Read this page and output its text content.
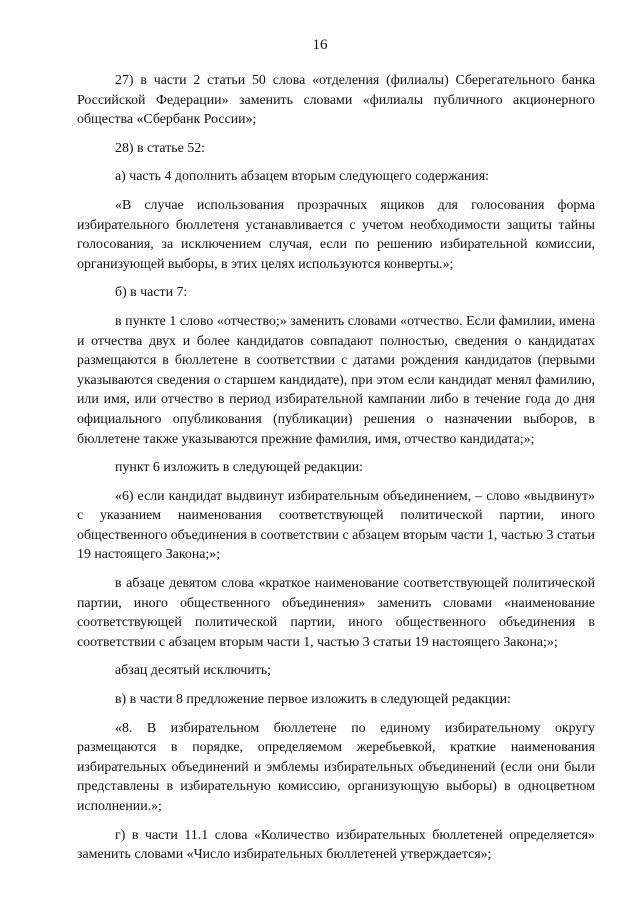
16

27) в части 2 статьи 50 слова «отделения (филиалы) Сберегательного банка Российской Федерации» заменить словами «филиалы публичного акционерного общества «Сбербанк России»;

28) в статье 52:

а) часть 4 дополнить абзацем вторым следующего содержания:

«В случае использования прозрачных ящиков для голосования форма избирательного бюллетеня устанавливается с учетом необходимости защиты тайны голосования, за исключением случая, если по решению избирательной комиссии, организующей выборы, в этих целях используются конверты.»;

б) в части 7:

в пункте 1 слово «отчество;» заменить словами «отчество. Если фамилии, имена и отчества двух и более кандидатов совпадают полностью, сведения о кандидатах размещаются в бюллетене в соответствии с датами рождения кандидатов (первыми указываются сведения о старшем кандидате), при этом если кандидат менял фамилию, или имя, или отчество в период избирательной кампании либо в течение года до дня официального опубликования (публикации) решения о назначении выборов, в бюллетене также указываются прежние фамилия, имя, отчество кандидата;»;

пункт 6 изложить в следующей редакции:

«6) если кандидат выдвинут избирательным объединением, – слово «выдвинут» с указанием наименования соответствующей политической партии, иного общественного объединения в соответствии с абзацем вторым части 1, частью 3 статьи 19 настоящего Закона;»;

в абзаце девятом слова «краткое наименование соответствующей политической партии, иного общественного объединения» заменить словами «наименование соответствующей политической партии, иного общественного объединения в соответствии с абзацем вторым части 1, частью 3 статьи 19 настоящего Закона;»;

абзац десятый исключить;

в) в части 8 предложение первое изложить в следующей редакции:

«8. В избирательном бюллетене по единому избирательному округу размещаются в порядке, определяемом жеребьевкой, краткие наименования избирательных объединений и эмблемы избирательных объединений (если они были представлены в избирательную комиссию, организующую выборы) в одноцветном исполнении.»;

г) в части 11.1 слова «Количество избирательных бюллетеней определяется» заменить словами «Число избирательных бюллетеней утверждается»;
